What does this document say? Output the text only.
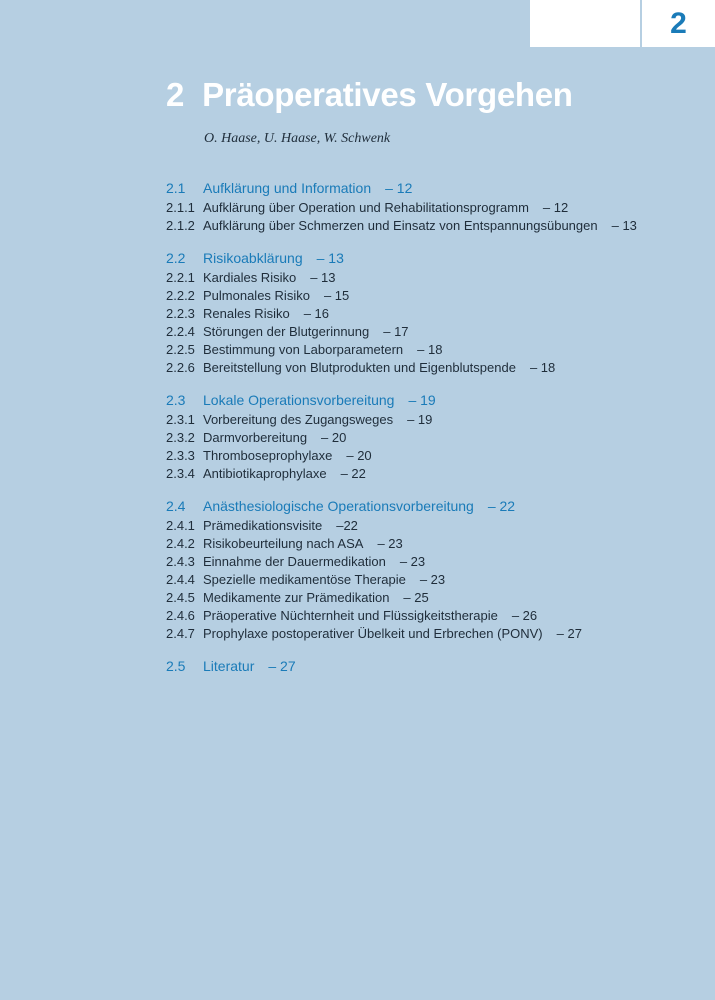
2
2 Präoperatives Vorgehen
O. Haase, U. Haase, W. Schwenk
2.1	Aufklärung und Information – 12
2.1.1 Aufklärung über Operation und Rehabilitationsprogramm – 12
2.1.2 Aufklärung über Schmerzen und Einsatz von Entspannungsübungen – 13
2.2	Risikoabklärung – 13
2.2.1 Kardiales Risiko – 13
2.2.2 Pulmonales Risiko – 15
2.2.3 Renales Risiko – 16
2.2.4 Störungen der Blutgerinnung – 17
2.2.5 Bestimmung von Laborparametern – 18
2.2.6 Bereitstellung von Blutprodukten und Eigenblutspende – 18
2.3	Lokale Operationsvorbereitung – 19
2.3.1 Vorbereitung des Zugangsweges – 19
2.3.2 Darmvorbereitung – 20
2.3.3 Thromboseprophylaxe – 20
2.3.4 Antibiotikaprophylaxe – 22
2.4	Anästhesiologische Operationsvorbereitung – 22
2.4.1 Prämedikationsvisite –22
2.4.2 Risikobeurteilung nach ASA – 23
2.4.3 Einnahme der Dauermedikation – 23
2.4.4 Spezielle medikamentöse Therapie – 23
2.4.5 Medikamente zur Prämedikation – 25
2.4.6 Präoperative Nüchternheit und Flüssigkeitstherapie – 26
2.4.7 Prophylaxe postoperativer Übelkeit und Erbrechen (PONV) – 27
2.5	Literatur – 27
